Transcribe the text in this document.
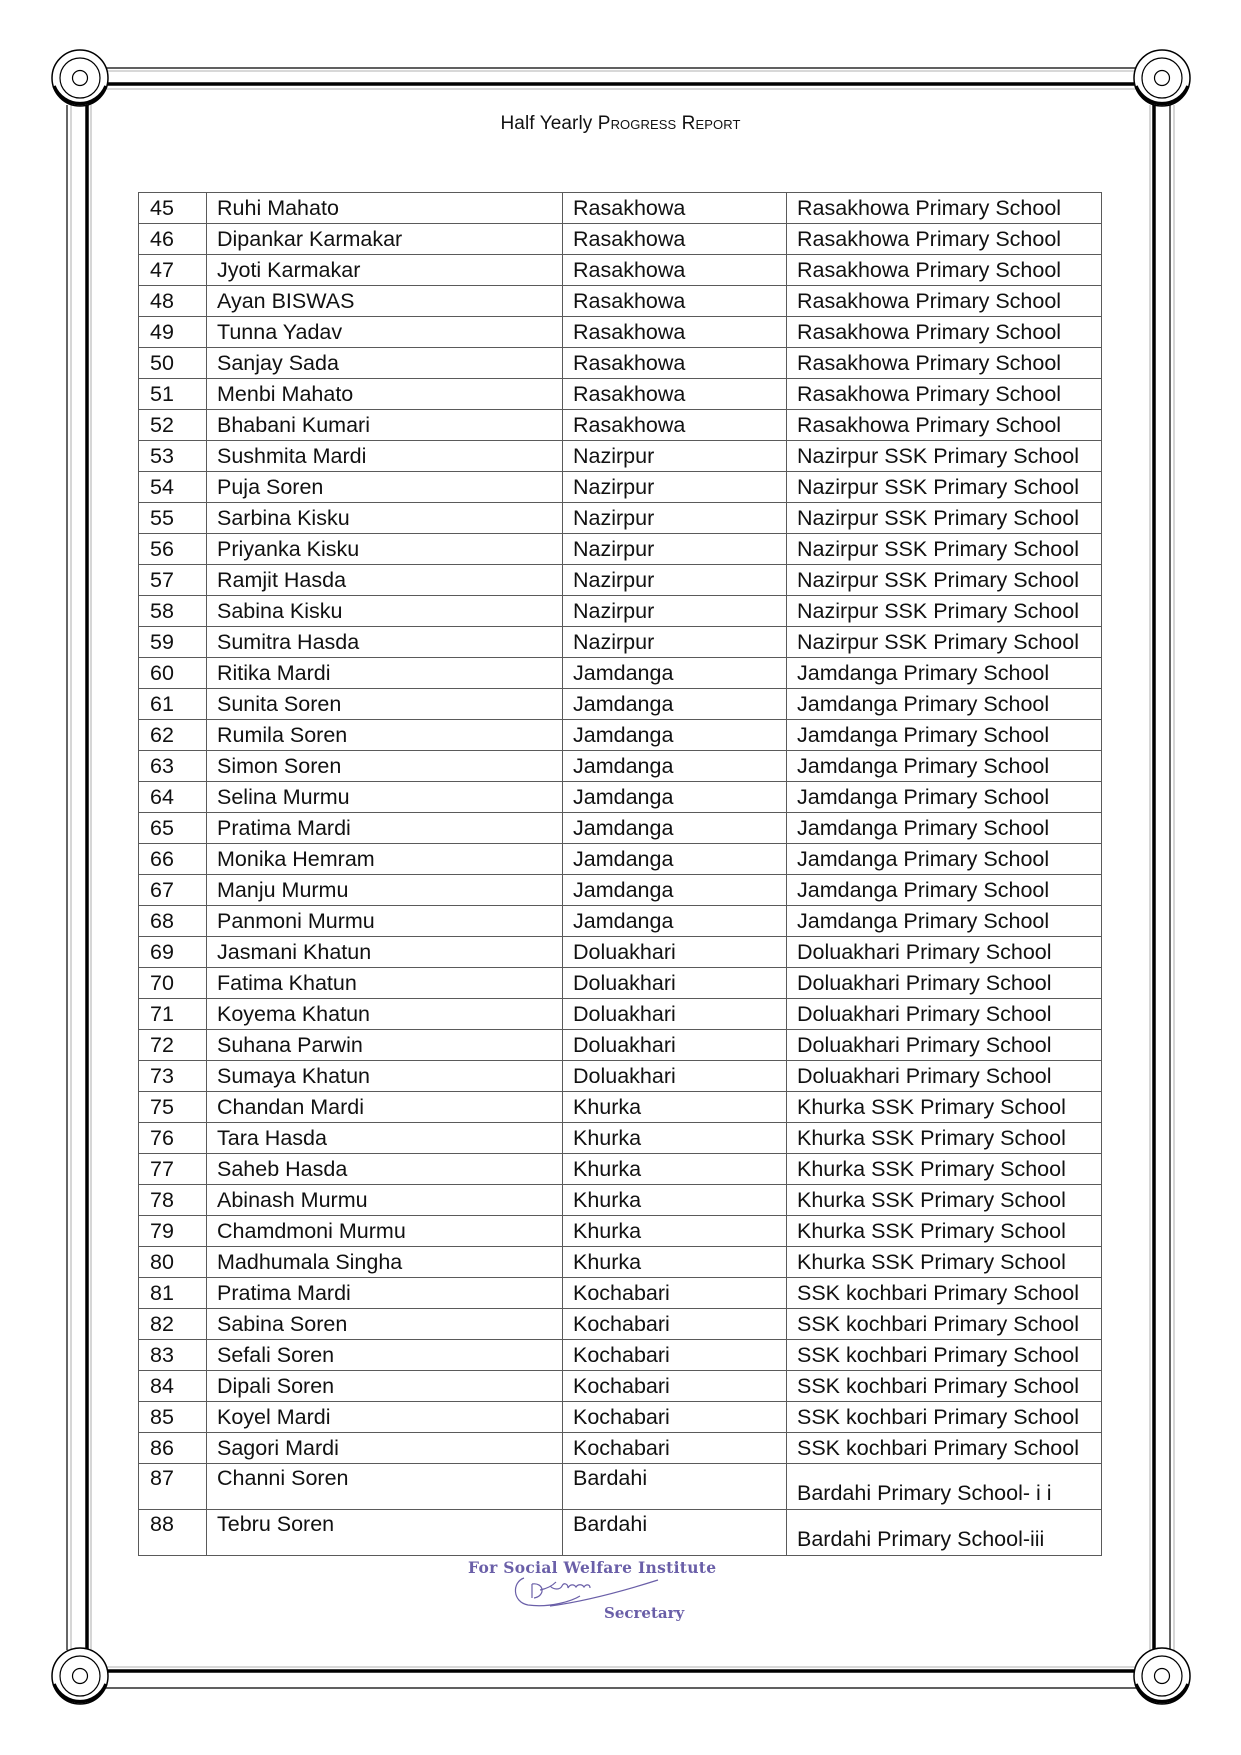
Half Yearly Progress Report
45	Ruhi Mahato	Rasakhowa	Rasakhowa Primary School
46	Dipankar Karmakar	Rasakhowa	Rasakhowa Primary School
47	Jyoti Karmakar	Rasakhowa	Rasakhowa Primary School
48	Ayan BISWAS	Rasakhowa	Rasakhowa Primary School
49	Tunna Yadav	Rasakhowa	Rasakhowa Primary School
50	Sanjay Sada	Rasakhowa	Rasakhowa Primary School
51	Menbi Mahato	Rasakhowa	Rasakhowa Primary School
52	Bhabani Kumari	Rasakhowa	Rasakhowa Primary School
53	Sushmita Mardi	Nazirpur	Nazirpur SSK Primary School
54	Puja Soren	Nazirpur	Nazirpur SSK Primary School
55	Sarbina Kisku	Nazirpur	Nazirpur SSK Primary School
56	Priyanka Kisku	Nazirpur	Nazirpur SSK Primary School
57	Ramjit Hasda	Nazirpur	Nazirpur SSK Primary School
58	Sabina Kisku	Nazirpur	Nazirpur SSK Primary School
59	Sumitra Hasda	Nazirpur	Nazirpur SSK Primary School
60	Ritika Mardi	Jamdanga	Jamdanga Primary School
61	Sunita Soren	Jamdanga	Jamdanga Primary School
62	Rumila Soren	Jamdanga	Jamdanga Primary School
63	Simon Soren	Jamdanga	Jamdanga Primary School
64	Selina Murmu	Jamdanga	Jamdanga Primary School
65	Pratima Mardi	Jamdanga	Jamdanga Primary School
66	Monika Hemram	Jamdanga	Jamdanga Primary School
67	Manju Murmu	Jamdanga	Jamdanga Primary School
68	Panmoni Murmu	Jamdanga	Jamdanga Primary School
69	Jasmani Khatun	Doluakhari	Doluakhari Primary School
70	Fatima Khatun	Doluakhari	Doluakhari Primary School
71	Koyema Khatun	Doluakhari	Doluakhari Primary School
72	Suhana Parwin	Doluakhari	Doluakhari Primary School
73	Sumaya Khatun	Doluakhari	Doluakhari Primary School
75	Chandan Mardi	Khurka	Khurka SSK Primary School
76	Tara Hasda	Khurka	Khurka SSK Primary School
77	Saheb Hasda	Khurka	Khurka SSK Primary School
78	Abinash Murmu	Khurka	Khurka SSK Primary School
79	Chamdmoni Murmu	Khurka	Khurka SSK Primary School
80	Madhumala Singha	Khurka	Khurka SSK Primary School
81	Pratima Mardi	Kochabari	SSK kochbari Primary School
82	Sabina Soren	Kochabari	SSK kochbari Primary School
83	Sefali Soren	Kochabari	SSK kochbari Primary School
84	Dipali Soren	Kochabari	SSK kochbari Primary School
85	Koyel Mardi	Kochabari	SSK kochbari Primary School
86	Sagori Mardi	Kochabari	SSK kochbari Primary School
87	Channi Soren	Bardahi	Bardahi Primary School- i i
88	Tebru Soren	Bardahi	Bardahi Primary School-iii
For Social Welfare Institute
Secretary
